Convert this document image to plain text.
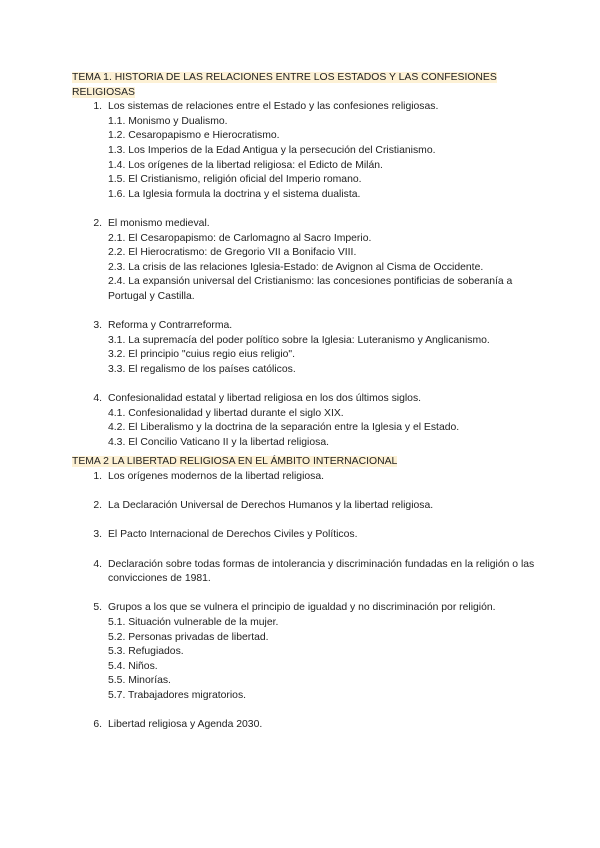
TEMA 1. HISTORIA DE LAS RELACIONES ENTRE LOS ESTADOS Y LAS CONFESIONES RELIGIOSAS

1. Los sistemas de relaciones entre el Estado y las confesiones religiosas.
1.1. Monismo y Dualismo.
1.2. Cesaropapismo e Hierocratismo.
1.3. Los Imperios de la Edad Antigua y la persecución del Cristianismo.
1.4. Los orígenes de la libertad religiosa: el Edicto de Milán.
1.5. El Cristianismo, religión oficial del Imperio romano.
1.6. La Iglesia formula la doctrina y el sistema dualista.
2. El monismo medieval.
2.1. El Cesaropapismo: de Carlomagno al Sacro Imperio.
2.2. El Hierocratismo: de Gregorio VII a Bonifacio VIII.
2.3. La crisis de las relaciones Iglesia-Estado: de Avignon al Cisma de Occidente.
2.4. La expansión universal del Cristianismo: las concesiones pontificias de soberanía a Portugal y Castilla.
3. Reforma y Contrarreforma.
3.1. La supremacía del poder político sobre la Iglesia: Luteranismo y Anglicanismo.
3.2. El principio "cuius regio eius religio".
3.3. El regalismo de los países católicos.
4. Confesionalidad estatal y libertad religiosa en los dos últimos siglos.
4.1. Confesionalidad y libertad durante el siglo XIX.
4.2. El Liberalismo y la doctrina de la separación entre la Iglesia y el Estado.
4.3. El Concilio Vaticano II y la libertad religiosa.

TEMA 2 LA LIBERTAD RELIGIOSA EN EL ÁMBITO INTERNACIONAL

1. Los orígenes modernos de la libertad religiosa.
2. La Declaración Universal de Derechos Humanos y la libertad religiosa.
3. El Pacto Internacional de Derechos Civiles y Políticos.
4. Declaración sobre todas formas de intolerancia y discriminación fundadas en la religión o las convicciones de 1981.
5. Grupos a los que se vulnera el principio de igualdad y no discriminación por religión.
5.1. Situación vulnerable de la mujer.
5.2. Personas privadas de libertad.
5.3. Refugiados.
5.4. Niños.
5.5. Minorías.
5.7. Trabajadores migratorios.
6. Libertad religiosa y Agenda 2030.
